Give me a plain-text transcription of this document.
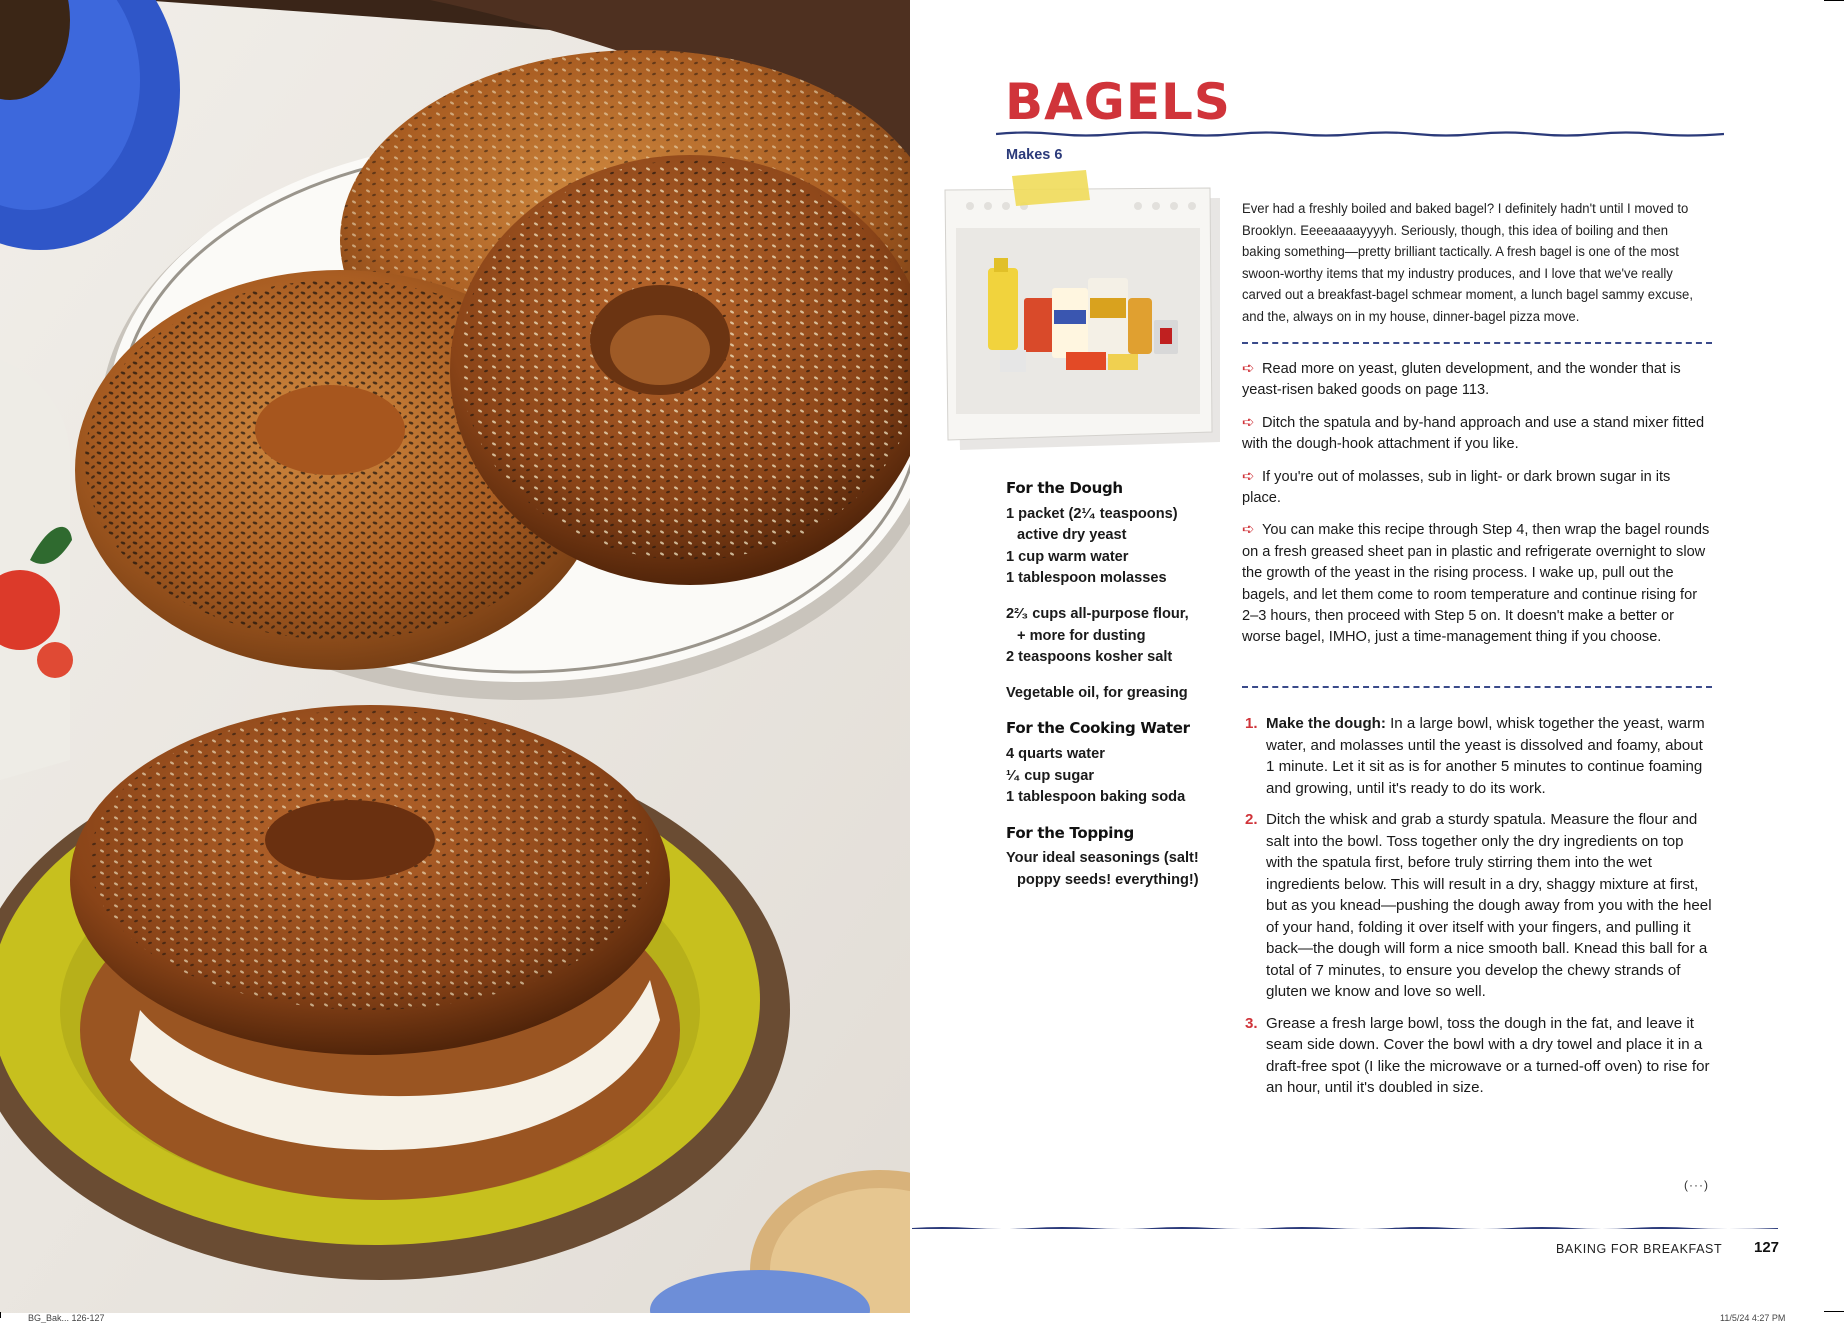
BAGELS
Makes 6

For the Dough

1 packet (2¹⁄₄ teaspoons)

active dry yeast

1 cup warm water

1 tablespoon molasses

2²⁄₃ cups all-purpose flour,

+ more for dusting

2 teaspoons kosher salt

Vegetable oil, for greasing

For the Cooking Water

4 quarts water

¹⁄₄ cup sugar

1 tablespoon baking soda

For the Topping

Your ideal seasonings (salt!

poppy seeds! everything!)

Ever had a freshly boiled and baked bagel? I definitely hadn't until I moved to Brooklyn. Eeeeaaaayyyyh. Seriously, though, this idea of boiling and then baking something—pretty brilliant tactically. A fresh bagel is one of the most swoon-worthy items that my industry produces, and I love that we've really carved out a breakfast-bagel schmear moment, a lunch bagel sammy excuse, and the, always on in my house, dinner-bagel pizza move.

➪ Read more on yeast, gluten development, and the wonder that is yeast-risen baked goods on page 113.

➪ Ditch the spatula and by-hand approach and use a stand mixer fitted with the dough-hook attachment if you like.

➪ If you're out of molasses, sub in light- or dark brown sugar in its place.

➪ You can make this recipe through Step 4, then wrap the bagel rounds on a fresh greased sheet pan in plastic and refrigerate overnight to slow the growth of the yeast in the rising process. I wake up, pull out the bagels, and let them come to room temperature and continue rising for 2–3 hours, then proceed with Step 5 on. It doesn't make a better or worse bagel, IMHO, just a time-management thing if you choose.

1. Make the dough: In a large bowl, whisk together the yeast, warm water, and molasses until the yeast is dissolved and foamy, about 1 minute. Let it sit as is for another 5 minutes to continue foaming and growing, until it's ready to do its work.
2. Ditch the whisk and grab a sturdy spatula. Measure the flour and salt into the bowl. Toss together only the dry ingredients on top with the spatula first, before truly stirring them into the wet ingredients below. This will result in a dry, shaggy mixture at first, but as you knead—pushing the dough away from you with the heel of your hand, folding it over itself with your fingers, and pulling it back—the dough will form a nice smooth ball. Knead this ball for a total of 7 minutes, to ensure you develop the chewy strands of gluten we know and love so well.
3. Grease a fresh large bowl, toss the dough in the fat, and leave it seam side down. Cover the bowl with a dry towel and place it in a draft-free spot (I like the microwave or a turned-off oven) to rise for an hour, until it's doubled in size.
(···)
BAKING FOR BREAKFAST 127
BG_Bak... 126-127	11/5/24 4:27 PM
